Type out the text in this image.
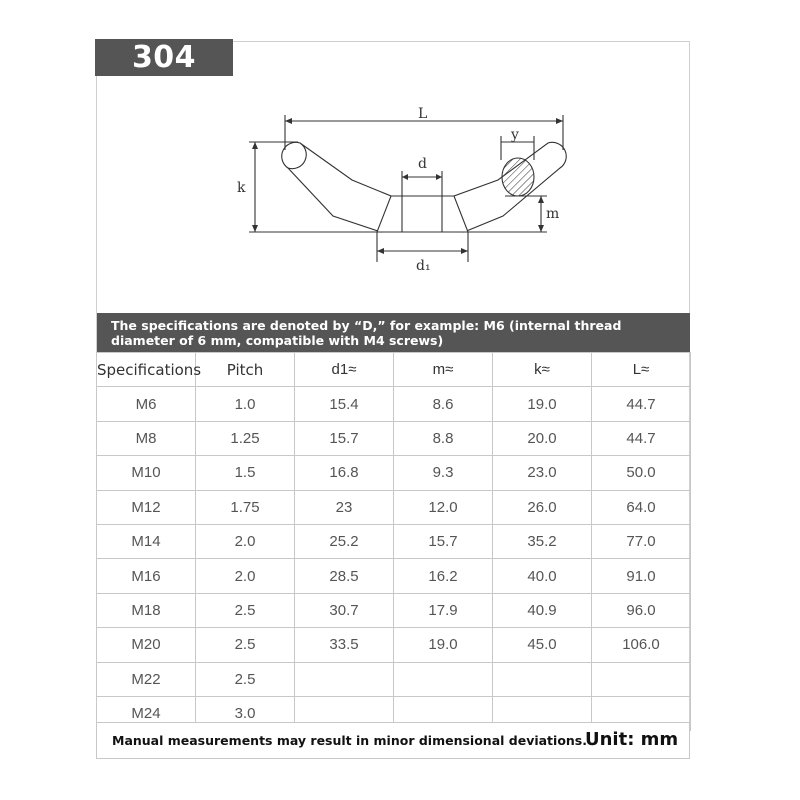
304
L
y
d
k
m
d₁
The specifications are denoted by “D,” for example: M6 (internal thread diameter of 6 mm, compatible with M4 screws)
Specifications	Pitch	d1≈	m≈	k≈	L≈
M6	1.0	15.4	8.6	19.0	44.7
M8	1.25	15.7	8.8	20.0	44.7
M10	1.5	16.8	9.3	23.0	50.0
M12	1.75	23	12.0	26.0	64.0
M14	2.0	25.2	15.7	35.2	77.0
M16	2.0	28.5	16.2	40.0	91.0
M18	2.5	30.7	17.9	40.9	96.0
M20	2.5	33.5	19.0	45.0	106.0
M22	2.5				
M24	3.0				
Manual measurements may result in minor dimensional deviations.
Unit: mm
